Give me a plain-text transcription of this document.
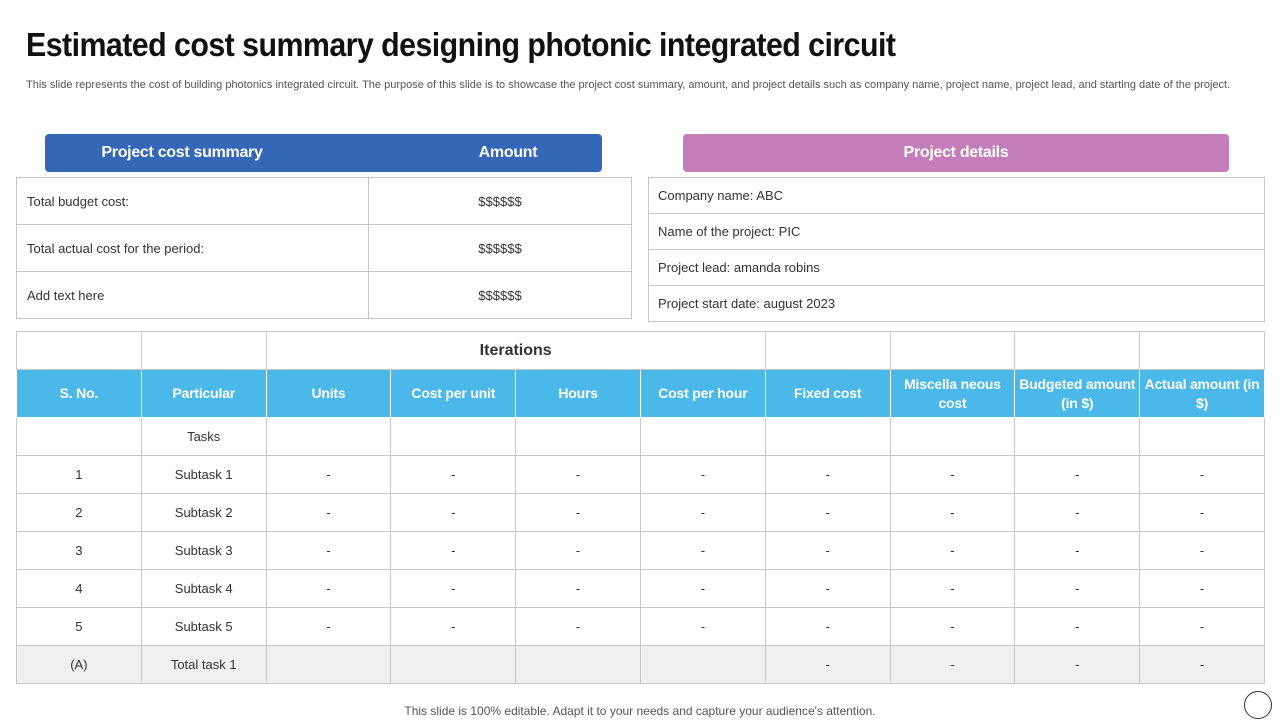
Estimated cost summary designing photonic integrated circuit

This slide represents the cost of building photonics integrated circuit. The purpose of this slide is to showcase the project cost summary, amount, and project details such as company name, project name, project lead, and starting date of the project.

Project cost summary	Amount	Project details
Total budget cost:	$$$$$$
Total actual cost for the period:	$$$$$$
Add text here	$$$$$$
Company name: ABC
Name of the project: PIC
Project lead: amanda robins
Project start date: august 2023
		Iterations							
S. No.	Particular	Units	Cost per unit	Hours	Cost per hour	Fixed cost	Miscella neous cost	Budgeted amount (in $)	Actual amount (in $)
	Tasks								
1	Subtask 1	-	-	-	-	-	-	-	-
2	Subtask 2	-	-	-	-	-	-	-	-
3	Subtask 3	-	-	-	-	-	-	-	-
4	Subtask 4	-	-	-	-	-	-	-	-
5	Subtask 5	-	-	-	-	-	-	-	-
(A)	Total task 1					-	-	-	-
This slide is 100% editable. Adapt it to your needs and capture your audience's attention.
